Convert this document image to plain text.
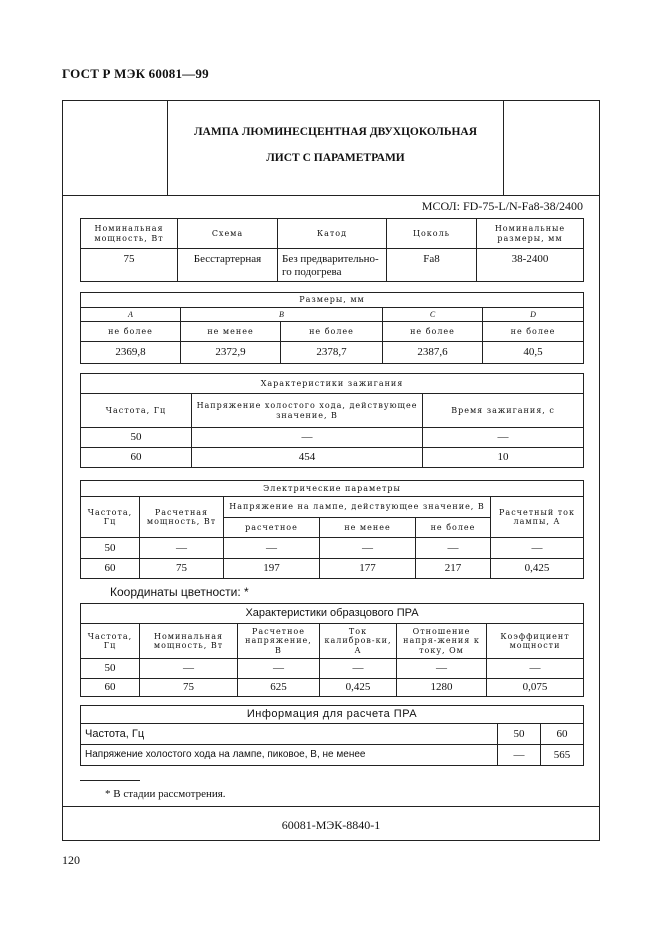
ГОСТ Р МЭК 60081—99
ЛАМПА ЛЮМИНЕСЦЕНТНАЯ ДВУХЦОКОЛЬНАЯ
ЛИСТ С ПАРАМЕТРАМИ
МСОЛ: FD-75-L/N-Fa8-38/2400
Номинальная мощность, Вт	Схема	Катод	Цоколь	Номинальные размеры, мм
75	Бесстартерная	Без предварительно-го подогрева	Fa8	38-2400
Размеры, мм				
A	B		C	D
не более	не менее	не более	не более	не более
2369,8	2372,9	2378,7	2387,6	40,5
Характеристики зажигания		
Частота, Гц	Напряжение холостого хода, действующее значение, В	Время зажигания, с
50	—	—
60	454	10
Электрические параметры					
Частота, Гц	Расчетная мощность, Вт	Напряжение на лампе, действующее значение, В			Расчетный ток лампы, А
		расчетное	не менее	не более	
50	—	—	—	—	—
60	75	197	177	217	0,425
Координаты цветности: *
Характеристики образцового ПРА					
Частота, Гц	Номинальная мощность, Вт	Расчетное напряжение, В	Ток калибров-ки, А	Отношение напря-жения к току, Ом	Коэффициент мощности
50	—	—	—	—	—
60	75	625	0,425	1280	0,075
Информация для расчета ПРА		
Частота, Гц	50	60
Напряжение холостого хода на лампе, пиковое, В, не менее	—	565
* В стадии рассмотрения.
60081-МЭК-8840-1
120
